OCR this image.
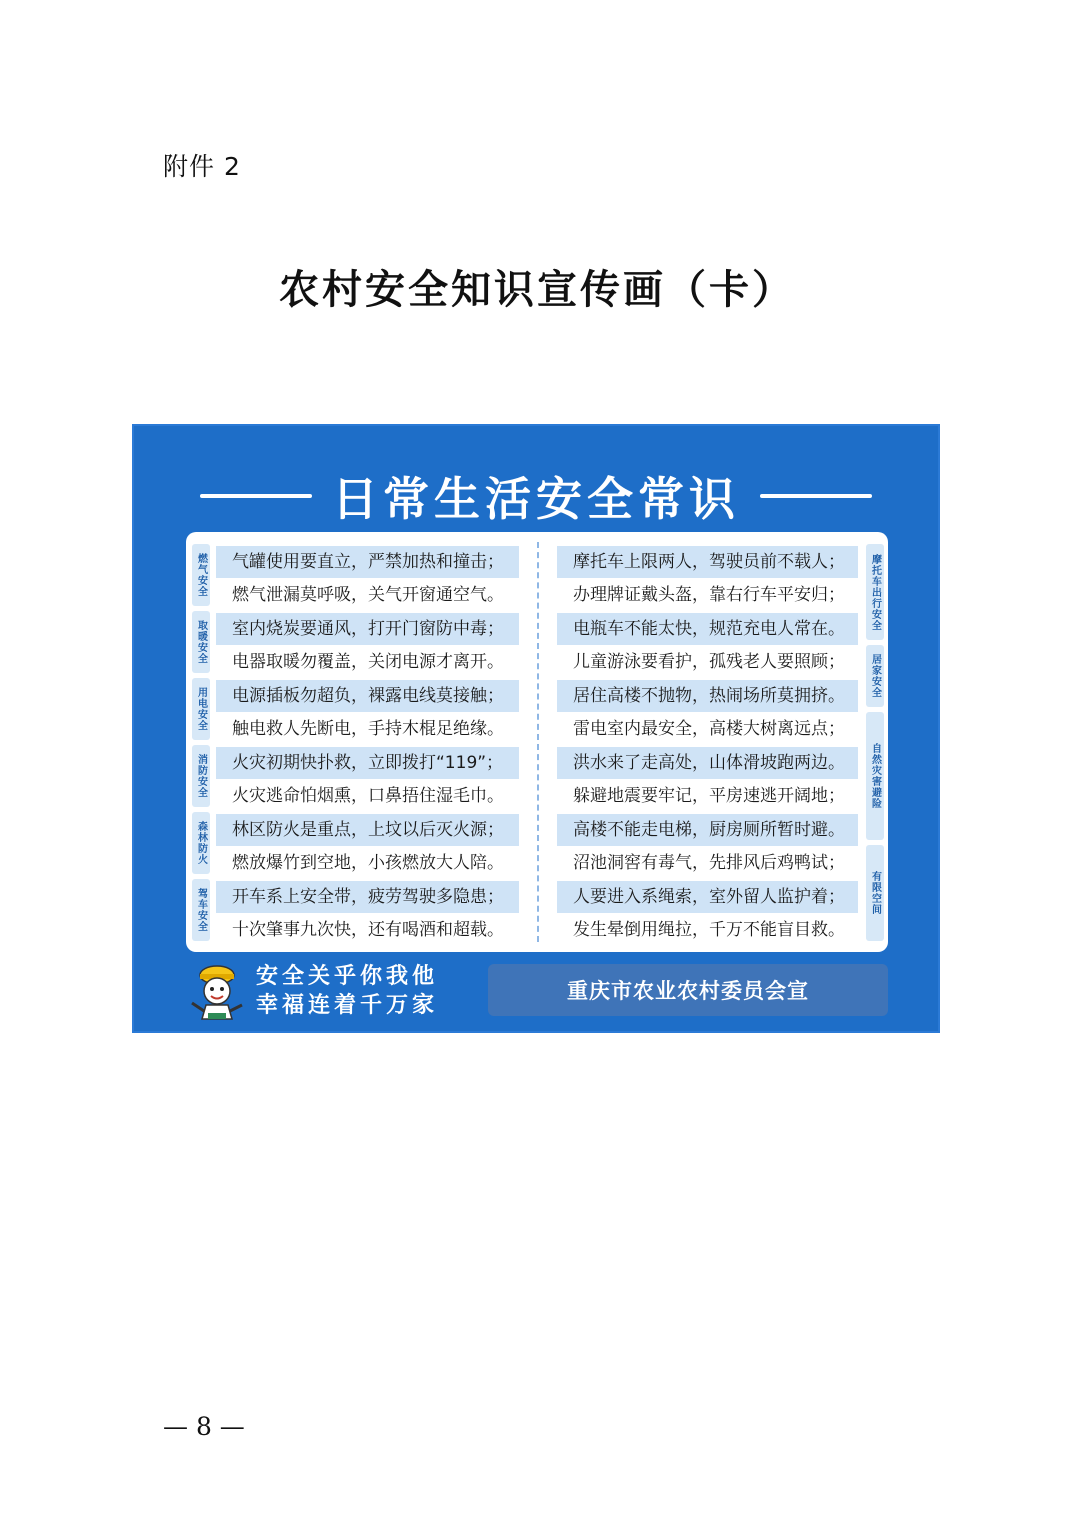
附件 2
农村安全知识宣传画（卡）
日常生活安全常识
燃气安全
取暖安全
用电安全
消防安全
森林防火
驾车安全
摩托车出行安全
居家安全
自然灾害避险
有限空间
气罐使用要直立，严禁加热和撞击；
燃气泄漏莫呼吸，关气开窗通空气。
室内烧炭要通风，打开门窗防中毒；
电器取暖勿覆盖，关闭电源才离开。
电源插板勿超负，裸露电线莫接触；
触电救人先断电，手持木棍足绝缘。
火灾初期快扑救，立即拨打“119”；
火灾逃命怕烟熏，口鼻捂住湿毛巾。
林区防火是重点，上坟以后灭火源；
燃放爆竹到空地，小孩燃放大人陪。
开车系上安全带，疲劳驾驶多隐患；
十次肇事九次快，还有喝酒和超载。
摩托车上限两人，驾驶员前不载人；
办理牌证戴头盔，靠右行车平安归；
电瓶车不能太快，规范充电人常在。
儿童游泳要看护，孤残老人要照顾；
居住高楼不抛物，热闹场所莫拥挤。
雷电室内最安全，高楼大树离远点；
洪水来了走高处，山体滑坡跑两边。
躲避地震要牢记，平房速逃开阔地；
高楼不能走电梯，厨房厕所暂时避。
沼池洞窖有毒气，先排风后鸡鸭试；
人要进入系绳索，室外留人监护着；
发生晕倒用绳拉，千万不能盲目救。
安全关乎你我他
幸福连着千万家
重庆市农业农村委员会宣
— 8 —
